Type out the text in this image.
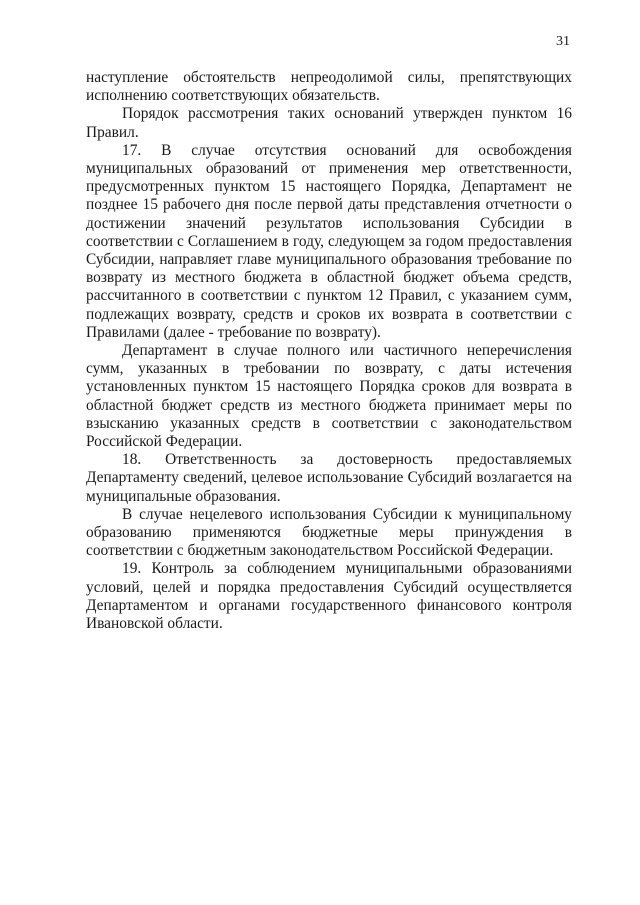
31

наступление обстоятельств непреодолимой силы, препятствующих исполнению соответствующих обязательств.

Порядок рассмотрения таких оснований утвержден пунктом 16 Правил.

17. В случае отсутствия оснований для освобождения муниципальных образований от применения мер ответственности, предусмотренных пунктом 15 настоящего Порядка, Департамент не позднее 15 рабочего дня после первой даты представления отчетности о достижении значений результатов использования Субсидии в соответствии с Соглашением в году, следующем за годом предоставления Субсидии, направляет главе муниципального образования требование по возврату из местного бюджета в областной бюджет объема средств, рассчитанного в соответствии с пунктом 12 Правил, с указанием сумм, подлежащих возврату, средств и сроков их возврата в соответствии с Правилами (далее - требование по возврату).

Департамент в случае полного или частичного неперечисления сумм, указанных в требовании по возврату, с даты истечения установленных пунктом 15 настоящего Порядка сроков для возврата в областной бюджет средств из местного бюджета принимает меры по взысканию указанных средств в соответствии с законодательством Российской Федерации.

18. Ответственность за достоверность предоставляемых Департаменту сведений, целевое использование Субсидий возлагается на муниципальные образования.

В случае нецелевого использования Субсидии к муниципальному образованию применяются бюджетные меры принуждения в соответствии с бюджетным законодательством Российской Федерации.

19. Контроль за соблюдением муниципальными образованиями условий, целей и порядка предоставления Субсидий осуществляется Департаментом и органами государственного финансового контроля Ивановской области.
